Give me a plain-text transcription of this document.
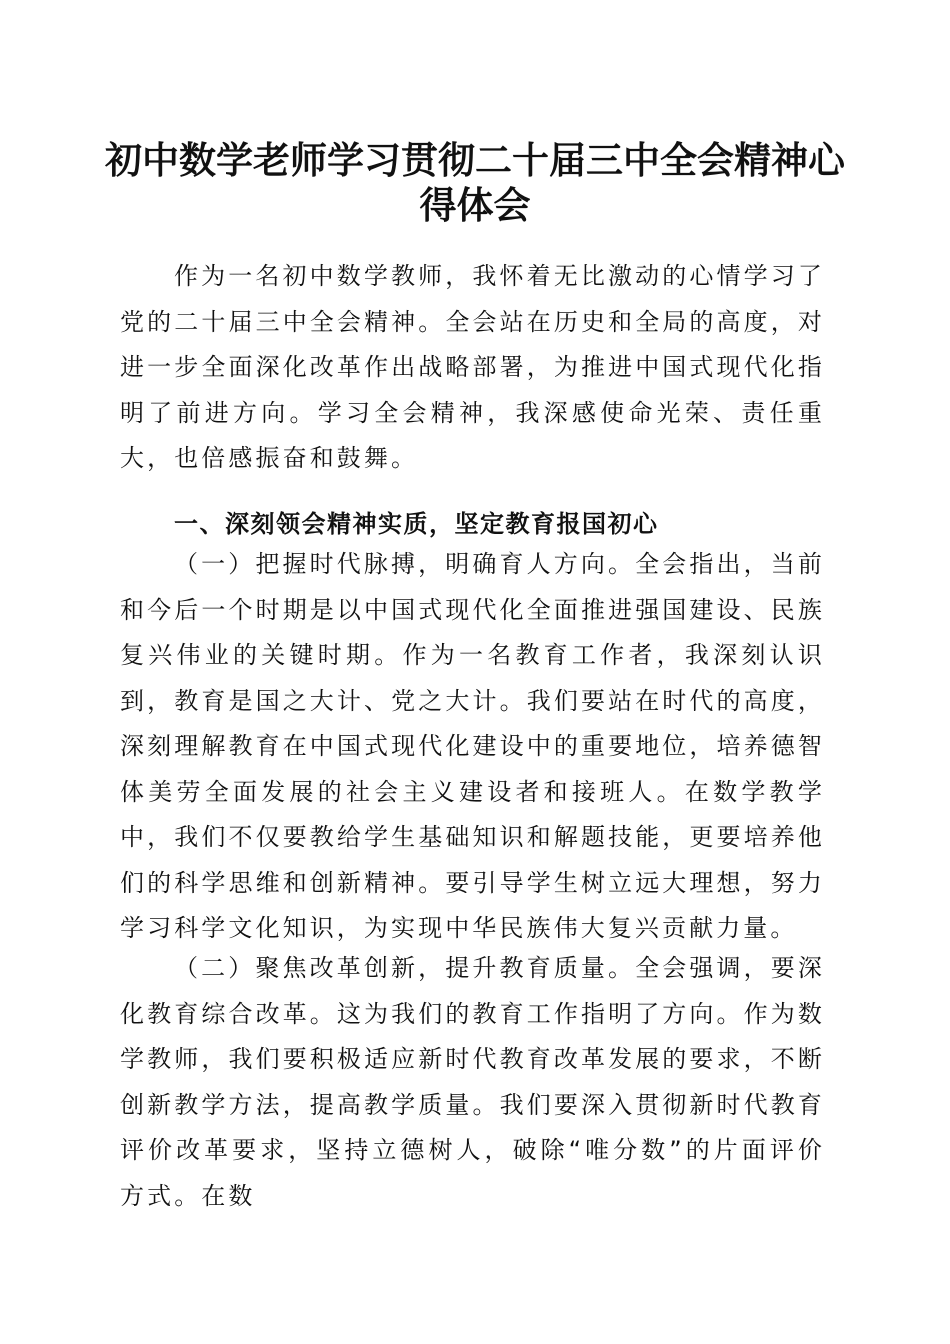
初中数学老师学习贯彻二十届三中全会精神心
得体会

作为一名初中数学教师，我怀着无比激动的心情学习了党的二十届三中全会精神。全会站在历史和全局的高度，对进一步全面深化改革作出战略部署，为推进中国式现代化指明了前进方向。学习全会精神，我深感使命光荣、责任重大，也倍感振奋和鼓舞。

一、深刻领会精神实质，坚定教育报国初心

（一）把握时代脉搏，明确育人方向。全会指出，当前和今后一个时期是以中国式现代化全面推进强国建设、民族复兴伟业的关键时期。作为一名教育工作者，我深刻认识到，教育是国之大计、党之大计。我们要站在时代的高度，深刻理解教育在中国式现代化建设中的重要地位，培养德智体美劳全面发展的社会主义建设者和接班人。在数学教学中，我们不仅要教给学生基础知识和解题技能，更要培养他们的科学思维和创新精神。要引导学生树立远大理想，努力学习科学文化知识，为实现中华民族伟大复兴贡献力量。

（二）聚焦改革创新，提升教育质量。全会强调，要深化教育综合改革。这为我们的教育工作指明了方向。作为数学教师，我们要积极适应新时代教育改革发展的要求，不断创新教学方法，提高教学质量。我们要深入贯彻新时代教育评价改革要求，坚持立德树人，破除“唯分数”的片面评价方式。在数
